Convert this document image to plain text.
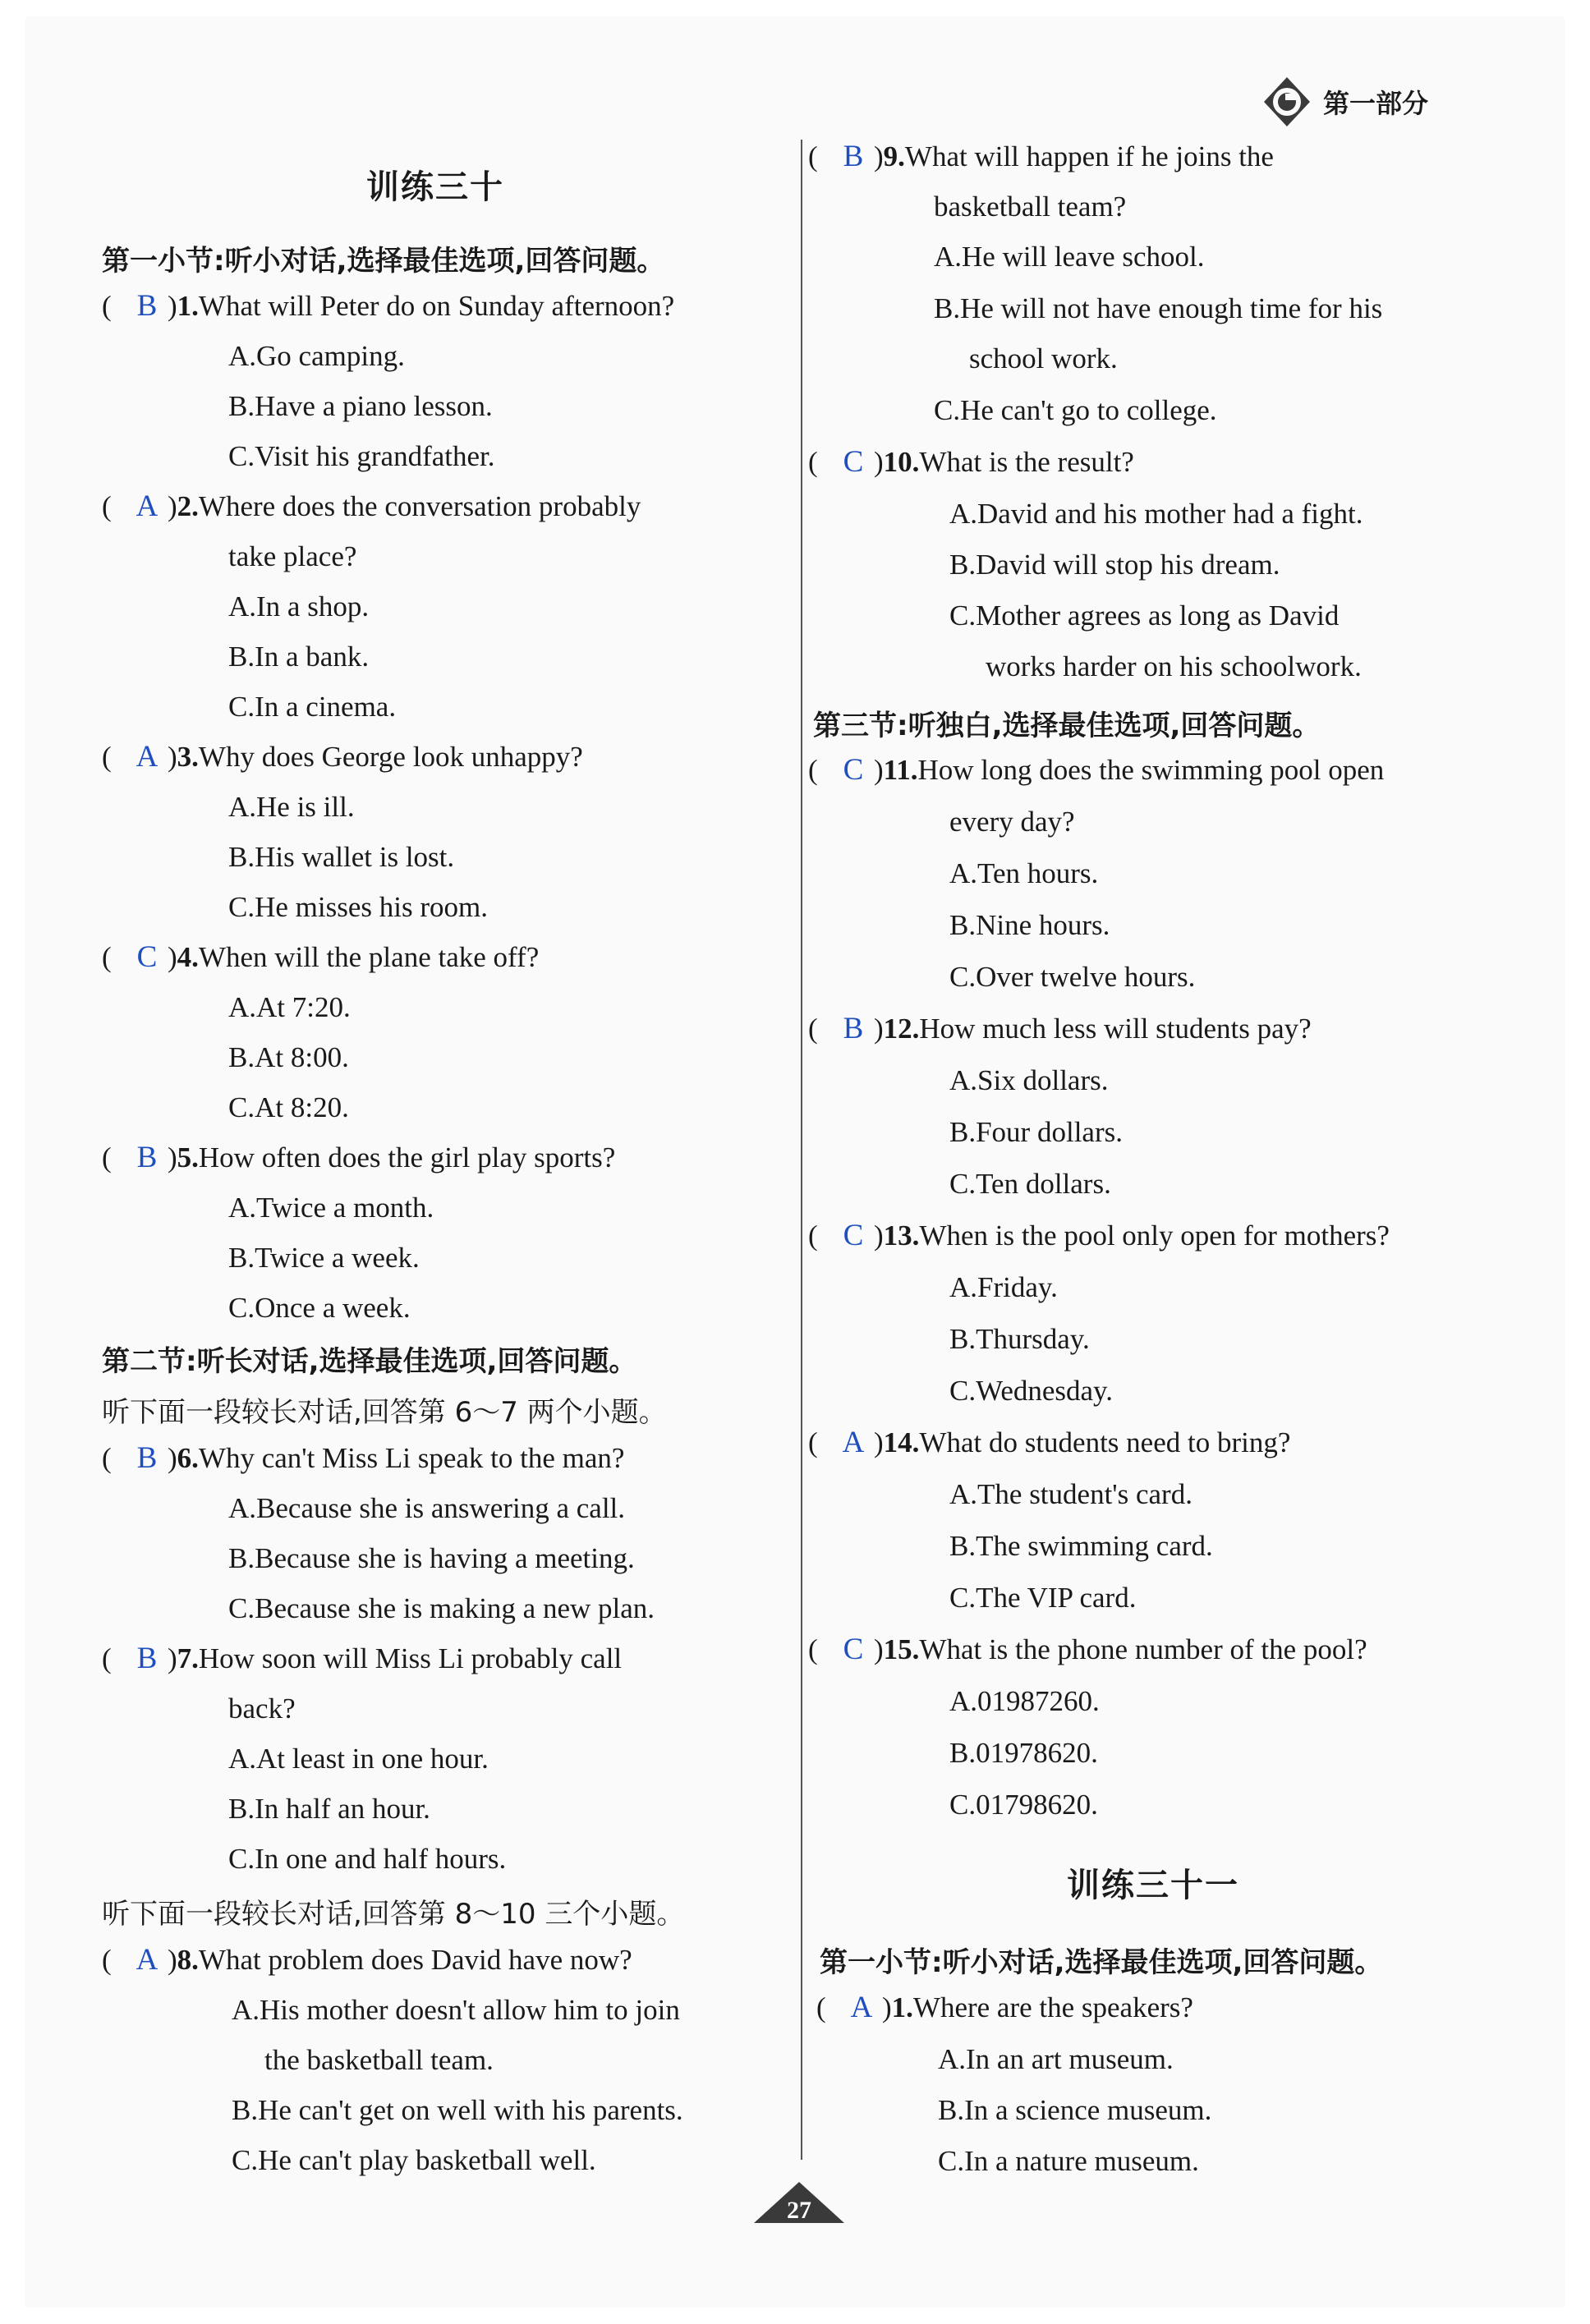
第一部分
训练三十
第一小节:听小对话,选择最佳选项,回答问题。
( B )1.What will Peter do on Sunday afternoon?
A.Go camping.
B.Have a piano lesson.
C.Visit his grandfather.
( A )2.Where does the conversation probably
take place?
A.In a shop.
B.In a bank.
C.In a cinema.
( A )3.Why does George look unhappy?
A.He is ill.
B.His wallet is lost.
C.He misses his room.
( C )4.When will the plane take off?
A.At 7:20.
B.At 8:00.
C.At 8:20.
( B )5.How often does the girl play sports?
A.Twice a month.
B.Twice a week.
C.Once a week.
第二节:听长对话,选择最佳选项,回答问题。
听下面一段较长对话,回答第 6～7 两个小题。
( B )6.Why can't Miss Li speak to the man?
A.Because she is answering a call.
B.Because she is having a meeting.
C.Because she is making a new plan.
( B )7.How soon will Miss Li probably call
back?
A.At least in one hour.
B.In half an hour.
C.In one and half hours.
听下面一段较长对话,回答第 8～10 三个小题。
( A )8.What problem does David have now?
A.His mother doesn't allow him to join
the basketball team.
B.He can't get on well with his parents.
C.He can't play basketball well.
( B )9.What will happen if he joins the
basketball team?
A.He will leave school.
B.He will not have enough time for his
school work.
C.He can't go to college.
( C )10.What is the result?
A.David and his mother had a fight.
B.David will stop his dream.
C.Mother agrees as long as David
works harder on his schoolwork.
第三节:听独白,选择最佳选项,回答问题。
( C )11.How long does the swimming pool open
every day?
A.Ten hours.
B.Nine hours.
C.Over twelve hours.
( B )12.How much less will students pay?
A.Six dollars.
B.Four dollars.
C.Ten dollars.
( C )13.When is the pool only open for mothers?
A.Friday.
B.Thursday.
C.Wednesday.
( A )14.What do students need to bring?
A.The student's card.
B.The swimming card.
C.The VIP card.
( C )15.What is the phone number of the pool?
A.01987260.
B.01978620.
C.01798620.
训练三十一
第一小节:听小对话,选择最佳选项,回答问题。
( A )1.Where are the speakers?
A.In an art museum.
B.In a science museum.
C.In a nature museum.
27
